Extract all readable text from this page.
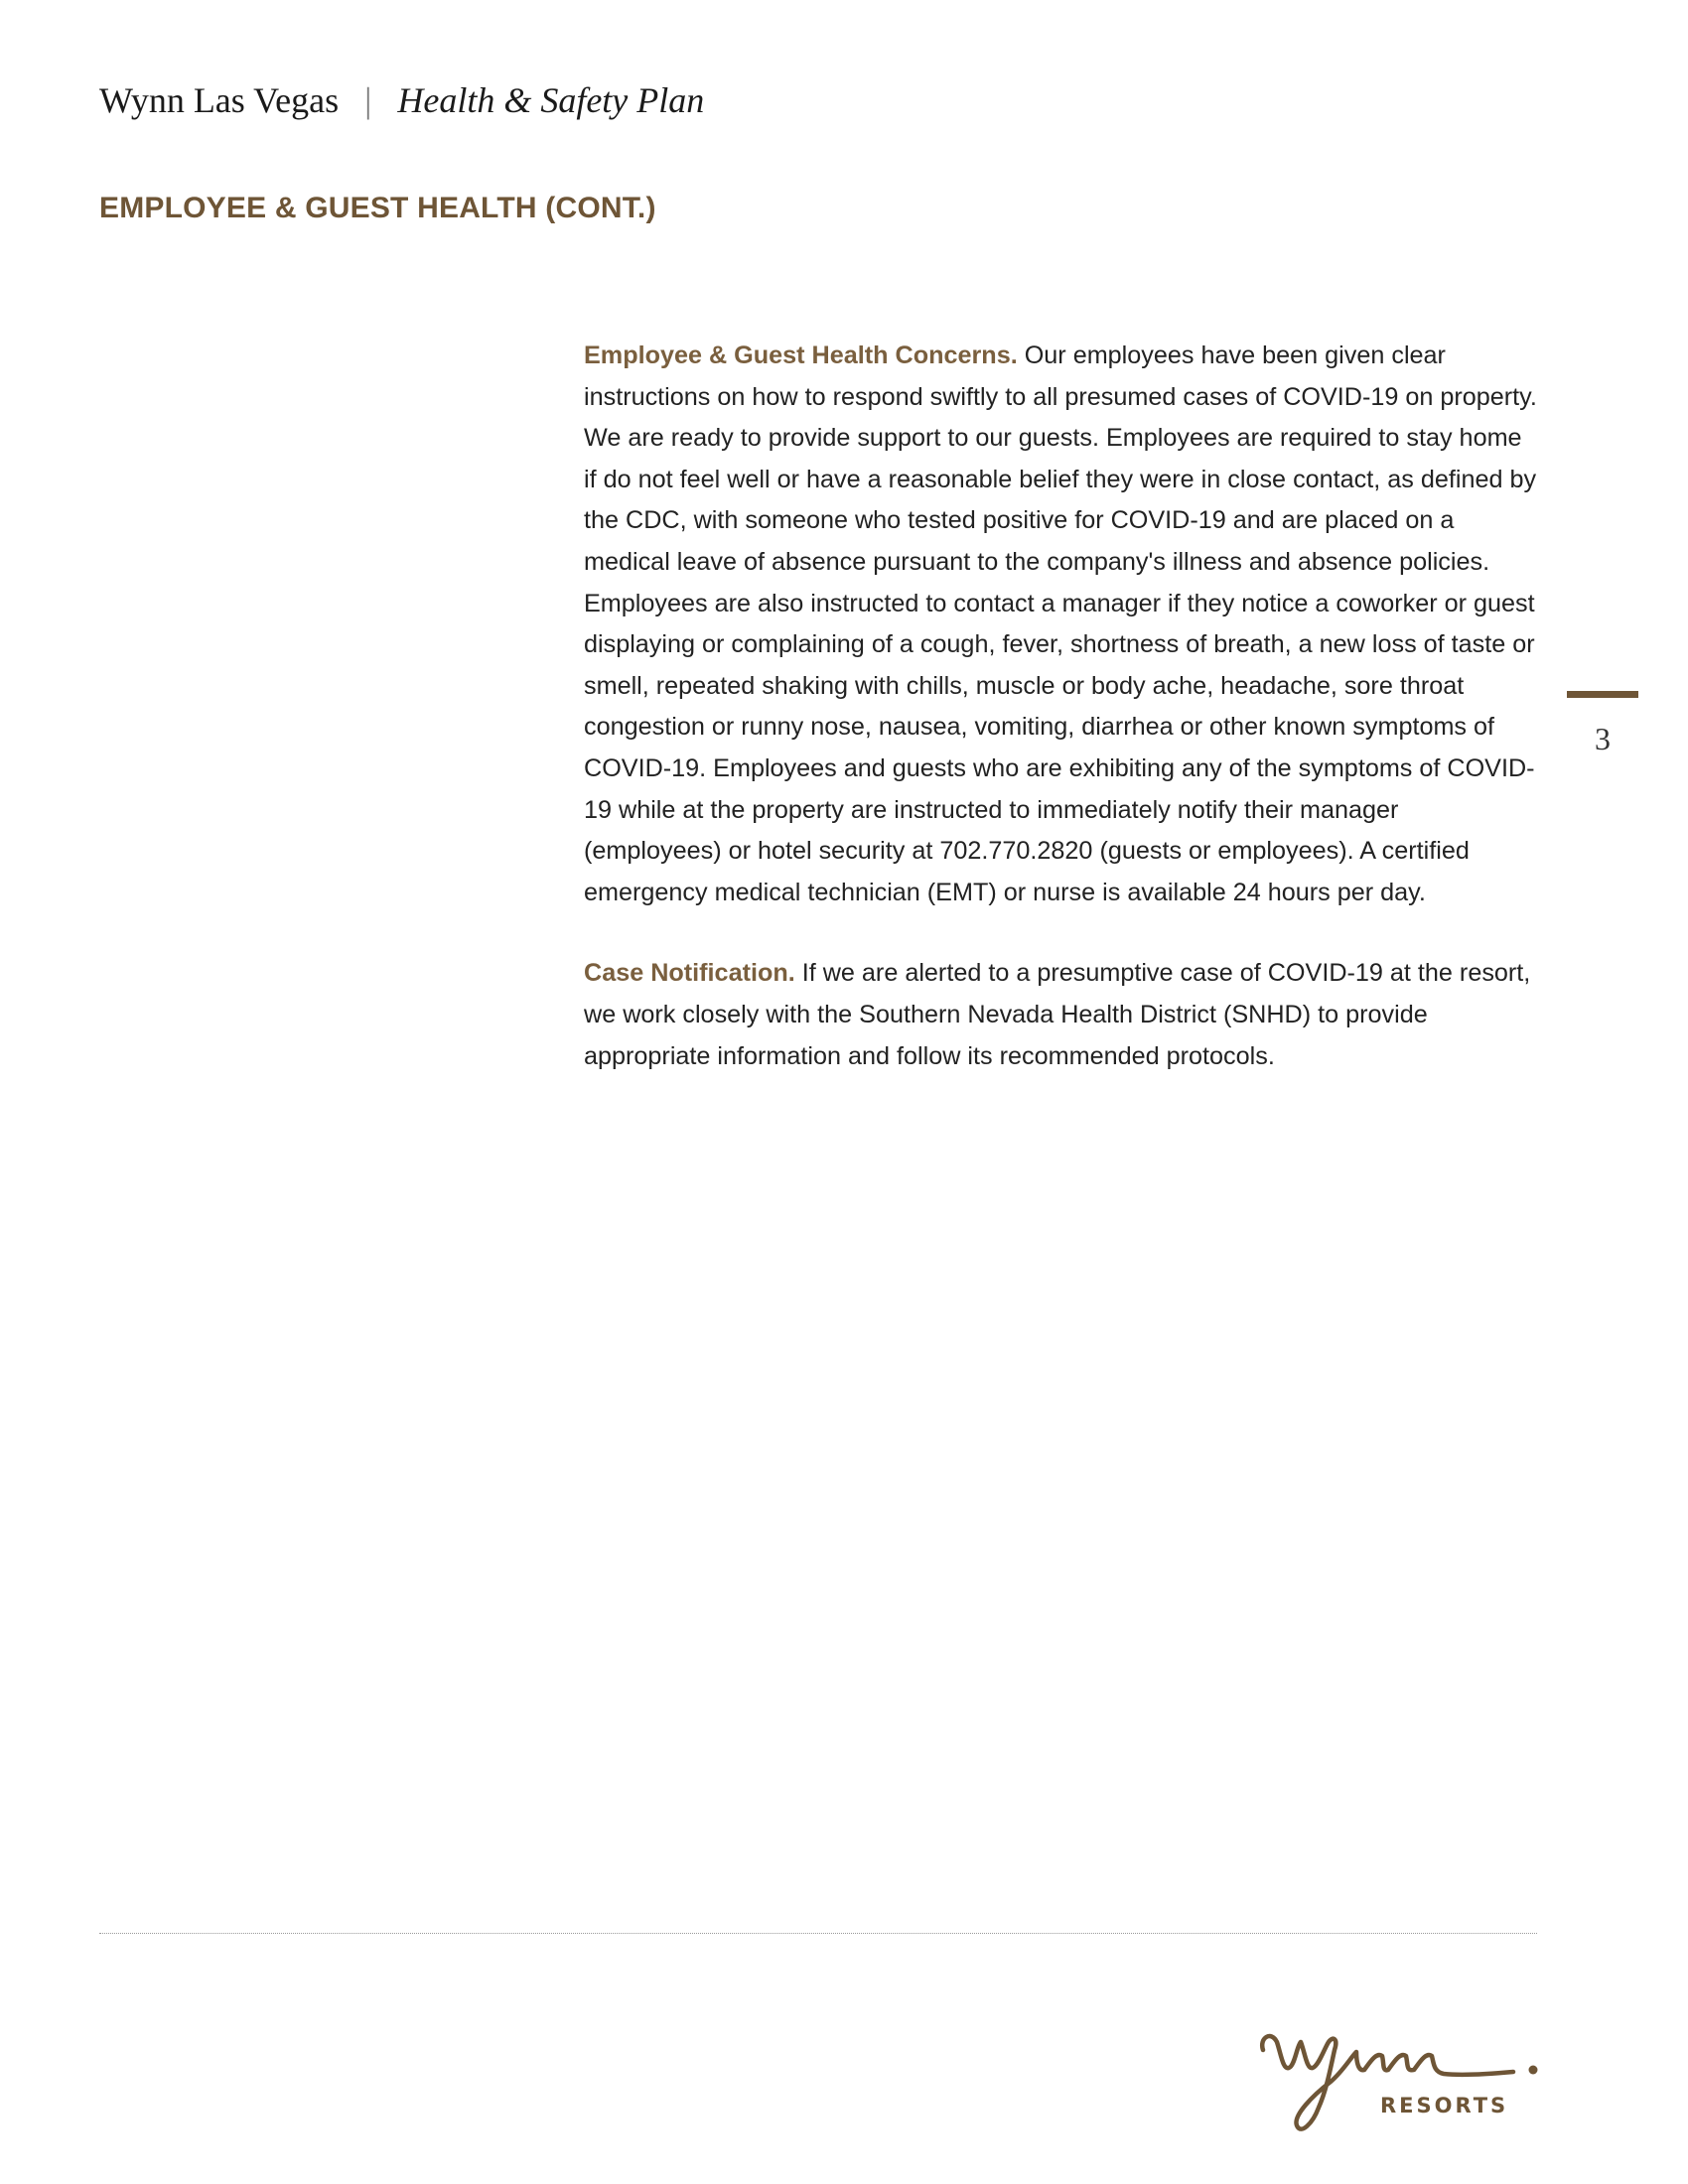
Wynn Las Vegas | Health & Safety Plan
EMPLOYEE & GUEST HEALTH (CONT.)

Employee & Guest Health Concerns. Our employees have been given clear instructions on how to respond swiftly to all presumed cases of COVID-19 on property. We are ready to provide support to our guests. Employees are required to stay home if do not feel well or have a reasonable belief they were in close contact, as defined by the CDC, with someone who tested positive for COVID-19 and are placed on a medical leave of absence pursuant to the company's illness and absence policies. Employees are also instructed to contact a manager if they notice a coworker or guest displaying or complaining of a cough, fever, shortness of breath, a new loss of taste or smell, repeated shaking with chills, muscle or body ache, headache, sore throat congestion or runny nose, nausea, vomiting, diarrhea or other known symptoms of COVID-19. Employees and guests who are exhibiting any of the symptoms of COVID-19 while at the property are instructed to immediately notify their manager (employees) or hotel security at 702.770.2820 (guests or employees). A certified emergency medical technician (EMT) or nurse is available 24 hours per day.

Case Notification. If we are alerted to a presumptive case of COVID-19 at the resort, we work closely with the Southern Nevada Health District (SNHD) to provide appropriate information and follow its recommended protocols.

3
RESORTS
